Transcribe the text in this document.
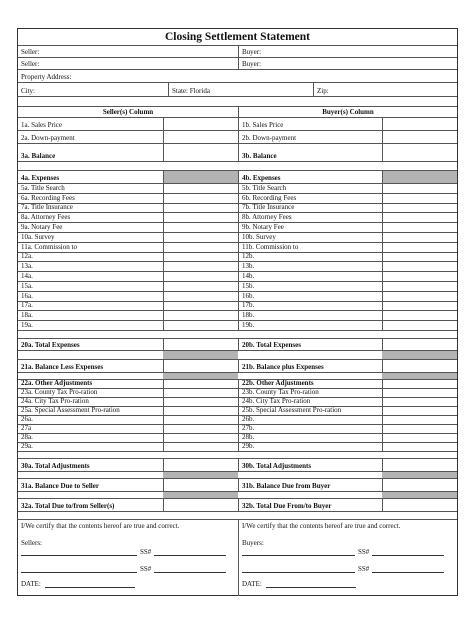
Closing Settlement Statement
Seller:	Buyer:
Seller:	Buyer:
Property Address:
City:	State: Florida	Zip:
Seller(s) Column	Buyer(s) Column
1a. Sales Price	1b. Sales Price
2a. Down-payment	2b. Down-payment
3a. Balance	3b. Balance
4a. Expenses	4b. Expenses
5a. Title Search	5b. Title Search
6a. Recording Fees	6b. Recording Fees
7a. Title Insurance	7b. Title Insurance
8a. Attorney Fees	8b. Attorney Fees
9a. Notary Fee	9b. Notary Fee
10a. Survey	10b. Survey
11a. Commission to	11b. Commission to
12a.	12b.
13a.	13b.
14a.	14b.
15a.	15b.
16a.	16b.
17a.	17b.
18a.	18b.
19a.	19b.
20a. Total Expenses	20b. Total Expenses
21a. Balance Less Expenses	21b. Balance plus Expenses
22a. Other Adjustments	22b. Other Adjustments
23a. County Tax Pro-ration	23b. County Tax Pro-ration
24a. City Tax Pro-ration	24b. City Tax Pro-ration
25a. Special Assessment Pro-ration	25b. Special Assessment Pro-ration
26a.	26b.
27a	27b.
28a.	28b.
29a.	29b.
30a. Total Adjustments	30b. Total Adjustments
31a. Balance Due to Seller	31b. Balance Due from Buyer
32a. Total Due to/from Seller(s)	32b. Total Due From/to Buyer
I/We certify that the contents hereof are true and correct.
Sellers:
SS#
SS#
DATE:
I/We certify that the contents hereof are true and correct.
Buyers:
SS#
SS#
DATE:
